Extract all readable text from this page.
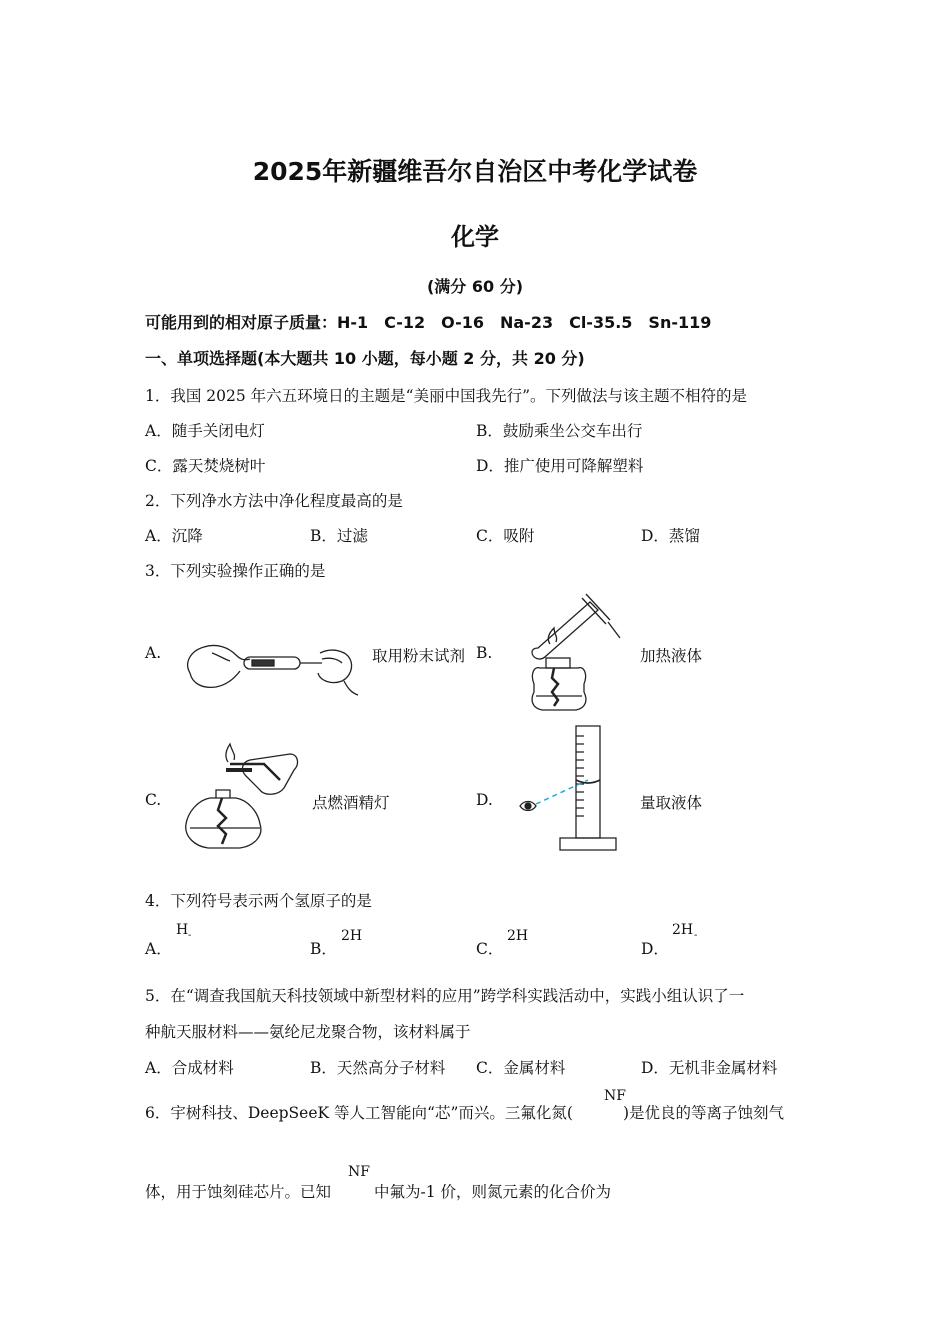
2025年新疆维吾尔自治区中考化学试卷
化学
(满分 60 分)
可能用到的相对原子质量：H-1　C-12　O-16　Na-23　Cl-35.5　Sn-119
一、单项选择题(本大题共 10 小题，每小题 2 分，共 20 分)
1．我国 2025 年六五环境日的主题是“美丽中国我先行”。下列做法与该主题不相符的是
A．随手关闭电灯	B．鼓励乘坐公交车出行
C．露天焚烧树叶	D．推广使用可降解塑料
2．下列净水方法中净化程度最高的是
A．沉降	B．过滤	C．吸附	D．蒸馏
3．下列实验操作正确的是
A.	取用粉末试剂 B.	加热液体
C.	点燃酒精灯	D.	量取液体
4．下列符号表示两个氢原子的是
A．
H -
B．
2H
C．
2H
D．
2H -
5．在“调查我国航天科技领域中新型材料的应用”跨学科实践活动中，实践小组认识了一
种航天服材料——氨纶尼龙聚合物，该材料属于
A．合成材料	B．天然高分子材料 C．金属材料	D．无机非金属材料
6．宇树科技、DeepSeeK 等人工智能向“芯”而兴。三氟化氮(
NF
)是优良的等离子蚀刻气
体，用于蚀刻硅芯片。已知
NF
中氟为-1 价，则氮元素的化合价为
